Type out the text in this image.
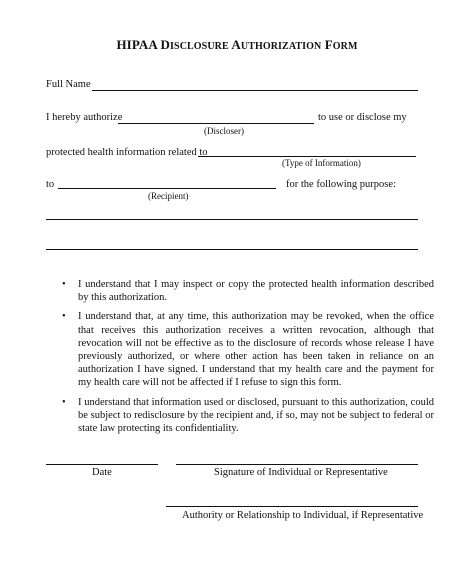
HIPAA DISCLOSURE AUTHORIZATION FORM
Full Name
I hereby authorize	to use or disclose my
(Discloser)
protected health information related to
(Type of Information)
to	for the following purpose:
(Recipient)
• I understand that I may inspect or copy the protected health information described by this authorization.
• I understand that, at any time, this authorization may be revoked, when the office that receives this authorization receives a written revocation, although that revocation will not be effective as to the disclosure of records whose release I have previously authorized, or where other action has been taken in reliance on an authorization I have signed. I understand that my health care and the payment for my health care will not be affected if I refuse to sign this form.
• I understand that information used or disclosed, pursuant to this authorization, could be subject to redisclosure by the recipient and, if so, may not be subject to federal or state law protecting its confidentiality.
Date	Signature of Individual or Representative
Authority or Relationship to Individual, if Representative
